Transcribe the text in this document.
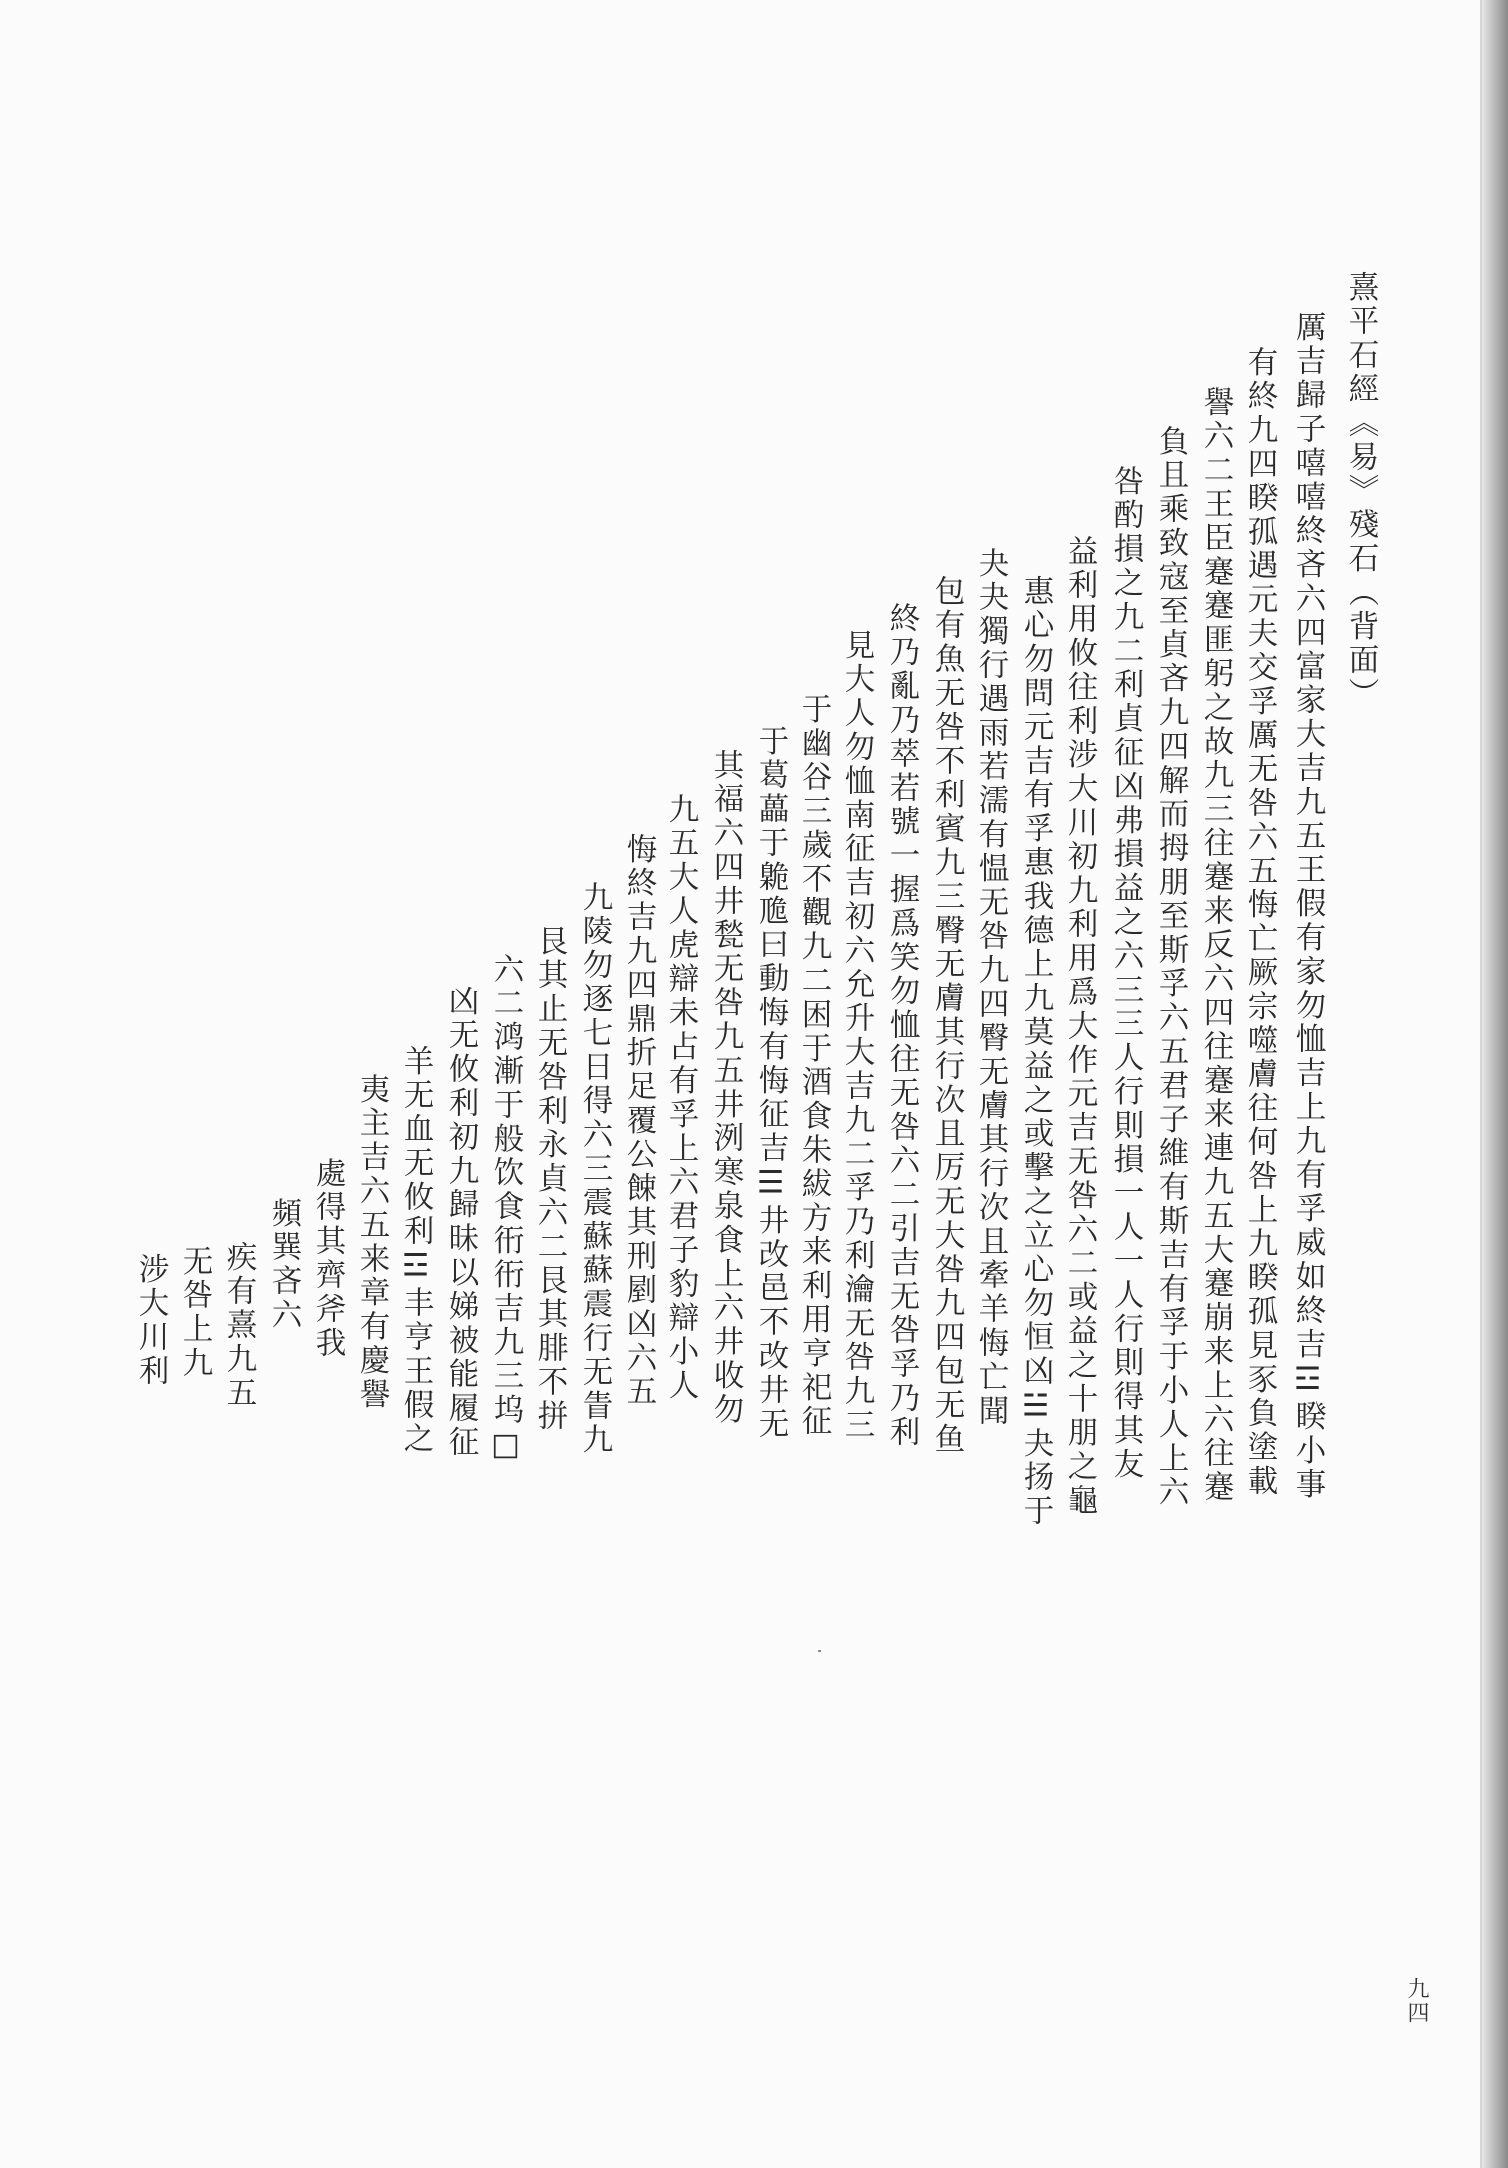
熹平石經《易》殘石（背面）
厲吉歸子嘻嘻終吝六四富家大吉九五王假有家勿恤吉上九有孚威如終吉☲睽小事
有終九四睽孤遇元夫交孚厲无咎六五悔亡厥宗噬膚往何咎上九睽孤見豕負塗載
譽六二王臣蹇蹇匪躬之故九三往蹇来反六四往蹇来連九五大蹇崩来上六往蹇
負且乘致寇至貞吝九四解而拇朋至斯孚六五君子維有斯吉有孚于小人上六
咎酌損之九二利貞征凶弗損益之六三三人行則損一人一人行則得其友
益利用攸往利涉大川初九利用爲大作元吉无咎六二或益之十朋之龜
惠心勿問元吉有孚惠我德上九莫益之或擊之立心勿恒凶☱夬扬于
夬夬獨行遇雨若濡有愠无咎九四臀无膚其行次且牽羊悔亡聞
包有魚无咎不利賓九三臀无膚其行次且厉无大咎九四包无鱼
終乃亂乃萃若號一握爲笑勿恤往无咎六二引吉无咎孚乃利
見大人勿恤南征吉初六允升大吉九二孚乃利瀹无咎九三
于幽谷三歲不觀九二困于酒食朱紱方来利用亨祀征
于葛藟于臲卼曰動悔有悔征吉☰井改邑不改井无
其福六四井甃无咎九五井洌寒泉食上六井收勿
九五大人虎辯未占有孚上六君子豹辯小人
悔終吉九四鼎折足覆公餗其刑剭凶六五
九陵勿逐七日得六三震蘇蘇震行无眚九
艮其止无咎利永貞六二艮其腓不拼
六二鸿漸于般饮食衎衎吉九三坞□
凶无攸利初九歸昧以娣被能履征
羊无血无攸利☲丰亨王假之
夷主吉六五来章有慶譽
處得其齊斧我
頻巽吝六
疾有熹九五
无咎上九
涉大川利
九四
